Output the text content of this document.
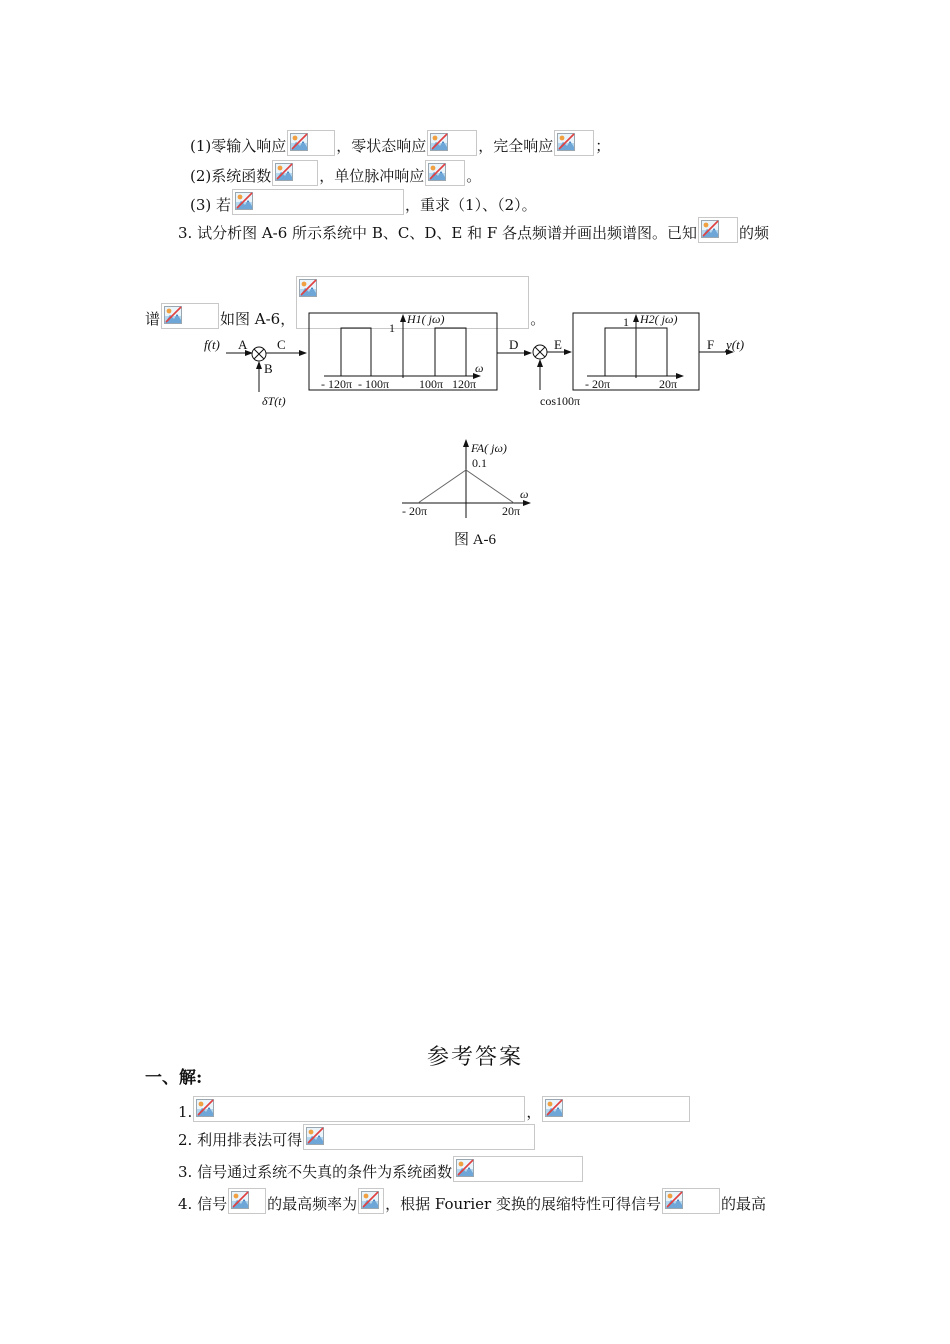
(1)零输入响应	，零状态响应	，完全响应	；
(2)系统函数	，单位脉冲响应	。
(3) 若	，重求（1）、（2）。
3. 试分析图 A-6 所示系统中 B、C、D、E 和 F 各点频谱并画出频谱图。已知	的频
谱	如图 A-6，	。
f(t) A
B
C
δT(t)
H1( jω)
1
ω
- 120π - 100π 100π 120π
D	E
cos100π
H2( jω)
1
- 20π	20π
F y(t)
FA( jω)
0.1
ω
- 20π	20π
图 A-6
参考答案
一、解:
1.	，
2. 利用排表法可得
3. 信号通过系统不失真的条件为系统函数
4. 信号	的最高频率为 ，根据 Fourier 变换的展缩特性可得信号	的最高
